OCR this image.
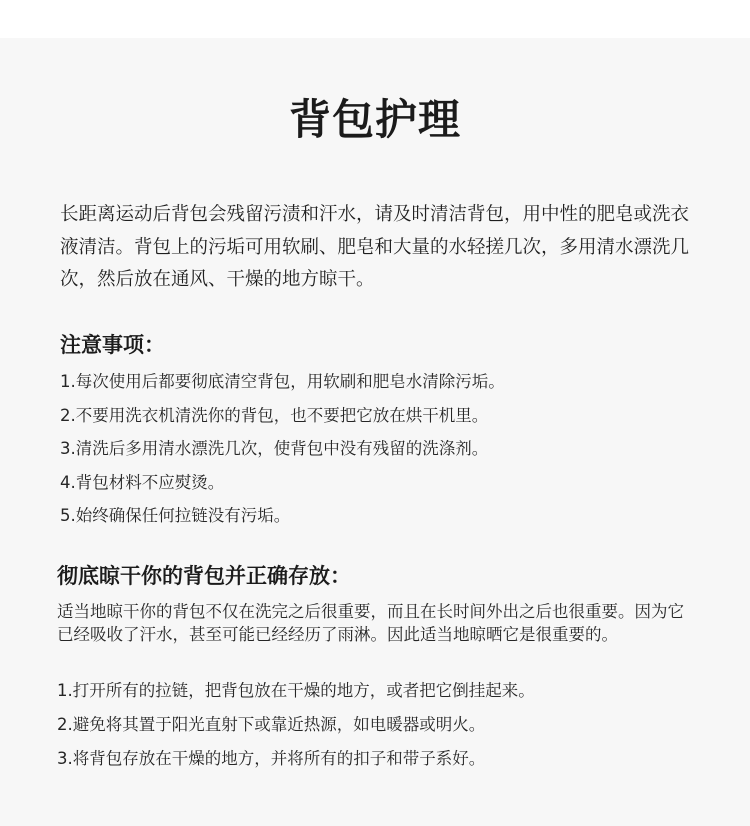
背包护理

长距离运动后背包会残留污渍和汗水，请及时清洁背包，用中性的肥皂或洗衣液清洁。背包上的污垢可用软刷、肥皂和大量的水轻搓几次，多用清水漂洗几次，然后放在通风、干燥的地方晾干。

注意事项：
1.每次使用后都要彻底清空背包，用软刷和肥皂水清除污垢。
2.不要用洗衣机清洗你的背包，也不要把它放在烘干机里。
3.清洗后多用清水漂洗几次，使背包中没有残留的洗涤剂。
4.背包材料不应熨烫。
5.始终确保任何拉链没有污垢。
彻底晾干你的背包并正确存放：

适当地晾干你的背包不仅在洗完之后很重要，而且在长时间外出之后也很重要。因为它已经吸收了汗水，甚至可能已经经历了雨淋。因此适当地晾晒它是很重要的。

1.打开所有的拉链，把背包放在干燥的地方，或者把它倒挂起来。
2.避免将其置于阳光直射下或靠近热源，如电暖器或明火。
3.将背包存放在干燥的地方，并将所有的扣子和带子系好。
